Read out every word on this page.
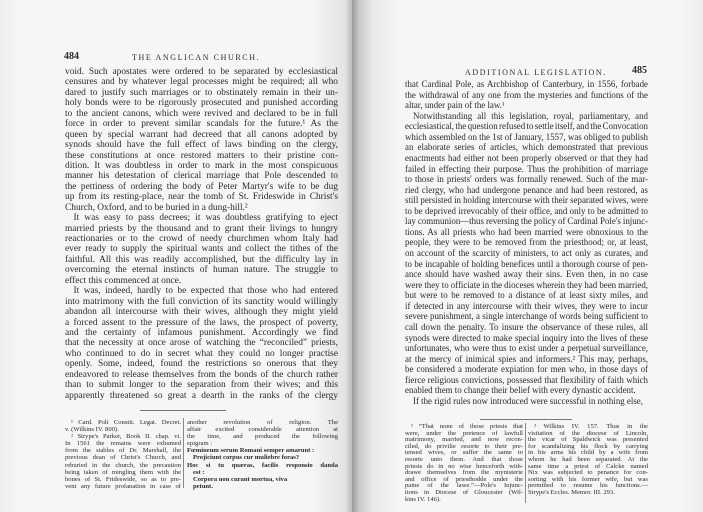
484	THE ANGLICAN CHURCH.
void. Such apostates were ordered to be separated by ecclesiastical
censures and by whatever legal processes might be required; all who
dared to justify such marriages or to obstinately remain in their un-
holy bonds were to be rigorously prosecuted and punished according
to the ancient canons, which were revived and declared to be in full
force in order to prevent similar scandals for the future.¹ As the
queen by special warrant had decreed that all canons adopted by
synods should have the full effect of laws binding on the clergy,
these constitutions at once restored matters to their pristine con-
dition. It was doubtless in order to mark in the most conspicuous
manner his detestation of clerical marriage that Pole descended to
the pettiness of ordering the body of Peter Martyr's wife to be dug
up from its resting-place, near the tomb of St. Frideswide in Christ's
Church, Oxford, and to be buried in a dung-hill.²
It was easy to pass decrees; it was doubtless gratifying to eject
married priests by the thousand and to grant their livings to hungry
reactionaries or to the crowd of needy churchmen whom Italy had
ever ready to supply the spiritual wants and collect the tithes of the
faithful. All this was readily accomplished, but the difficulty lay in
overcoming the eternal instincts of human nature. The struggle to
effect this commenced at once.
It was, indeed, hardly to be expected that those who had entered
into matrimony with the full conviction of its sanctity would willingly
abandon all intercourse with their wives, although they might yield
a forced assent to the pressure of the laws, the prospect of poverty,
and the certainty of infamous punishment. Accordingly we find
that the necessity at once arose of watching the “reconciled” priests,
who continued to do in secret what they could no longer practise
openly. Some, indeed, found the restrictions so onerous that they
endeavored to release themselves from the bonds of the church rather
than to submit longer to the separation from their wives; and this
apparently threatened so great a dearth in the ranks of the clergy
¹ Card. Poli Constit. Legat. Decret.
v. (Wilkins IV. 800).
² Strype's Parker, Book II. chap. vi.
In 1561 the remains were exhumed
from the stables of Dr. Marshall, the
previous dean of Christ's Church, and
reburied in the church, the precaution
being taken of mingling them with the
bones of St. Frideswide, so as to pre-
vent any future profanation in case of
another revolution of religion. The
affair excited considerable attention at
the time, and produced the following
epigram :
Fœmineum serum Romani semper amarunt :
Projiciunt corpus cur muliebre foras?
Hoc si tu quæras, facilis responsio danda
est :
Corpora non curant mortua, viva
petunt.
ADDITIONAL LEGISLATION.	485
that Cardinal Pole, as Archbishop of Canterbury, in 1556, forbade
the withdrawal of any one from the mysteries and functions of the
altar, under pain of the law.¹
Notwithstanding all this legislation, royal, parliamentary, and
ecclesiastical, the question refused to settle itself, and the Convocation
which assembled on the 1st of January, 1557, was obliged to publish
an elaborate series of articles, which demonstrated that previous
enactments had either not been properly observed or that they had
failed in effecting their purpose. Thus the prohibition of marriage
to those in priests' orders was formally renewed. Such of the mar-
ried clergy, who had undergone penance and had been restored, as
still persisted in holding intercourse with their separated wives, were
to be deprived irrevocably of their office, and only to be admitted to
lay communion—thus reversing the policy of Cardinal Pole's injunc-
tions. As all priests who had been married were obnoxious to the
people, they were to be removed from the priesthood; or, at least,
on account of the scarcity of ministers, to act only as curates, and
to be incapable of holding benefices until a thorough course of pen-
ance should have washed away their sins. Even then, in no case
were they to officiate in the dioceses wherein they had been married,
but were to be removed to a distance of at least sixty miles, and
if detected in any intercourse with their wives, they were to incur
severe punishment, a single interchange of words being sufficient to
call down the penalty. To insure the observance of these rules, all
synods were directed to make special inquiry into the lives of these
unfortunates, who were thus to exist under a perpetual surveillance,
at the mercy of inimical spies and informers.² This may, perhaps,
be considered a moderate expiation for men who, in those days of
fierce religious convictions, possessed that flexibility of faith which
enabled them to change their belief with every dynastic accident.
If the rigid rules now introduced were successful in nothing else,
¹ “That none of those priests that
were, under the pretence of lawfull
matrimony, married, and now recon-
ciled, do privilie resorte to their pre-
tensed wives, or suffer the same to
resorte unto them. And that those
priests do in no wise henceforth with-
drawe themselves from the mynisterie
and office of priesthodde under the
paine of the lawe.”—Pole's Injunc-
tions in Diocese of Gloucester (Wil-
kins IV. 146).
² Wilkins IV. 157. Thus in the
visitation of the diocese of Lincoln,
the vicar of Spaldwick was presented
for scandalizing his flock by carrying
in his arms his child by a wife from
whom he had been separated. At the
same time a priest of Calcke named
Nix was subjected to penance for con-
sorting with his former wife, but was
permitted to resume his functions.—
Strype's Eccles. Memor. III. 293.
